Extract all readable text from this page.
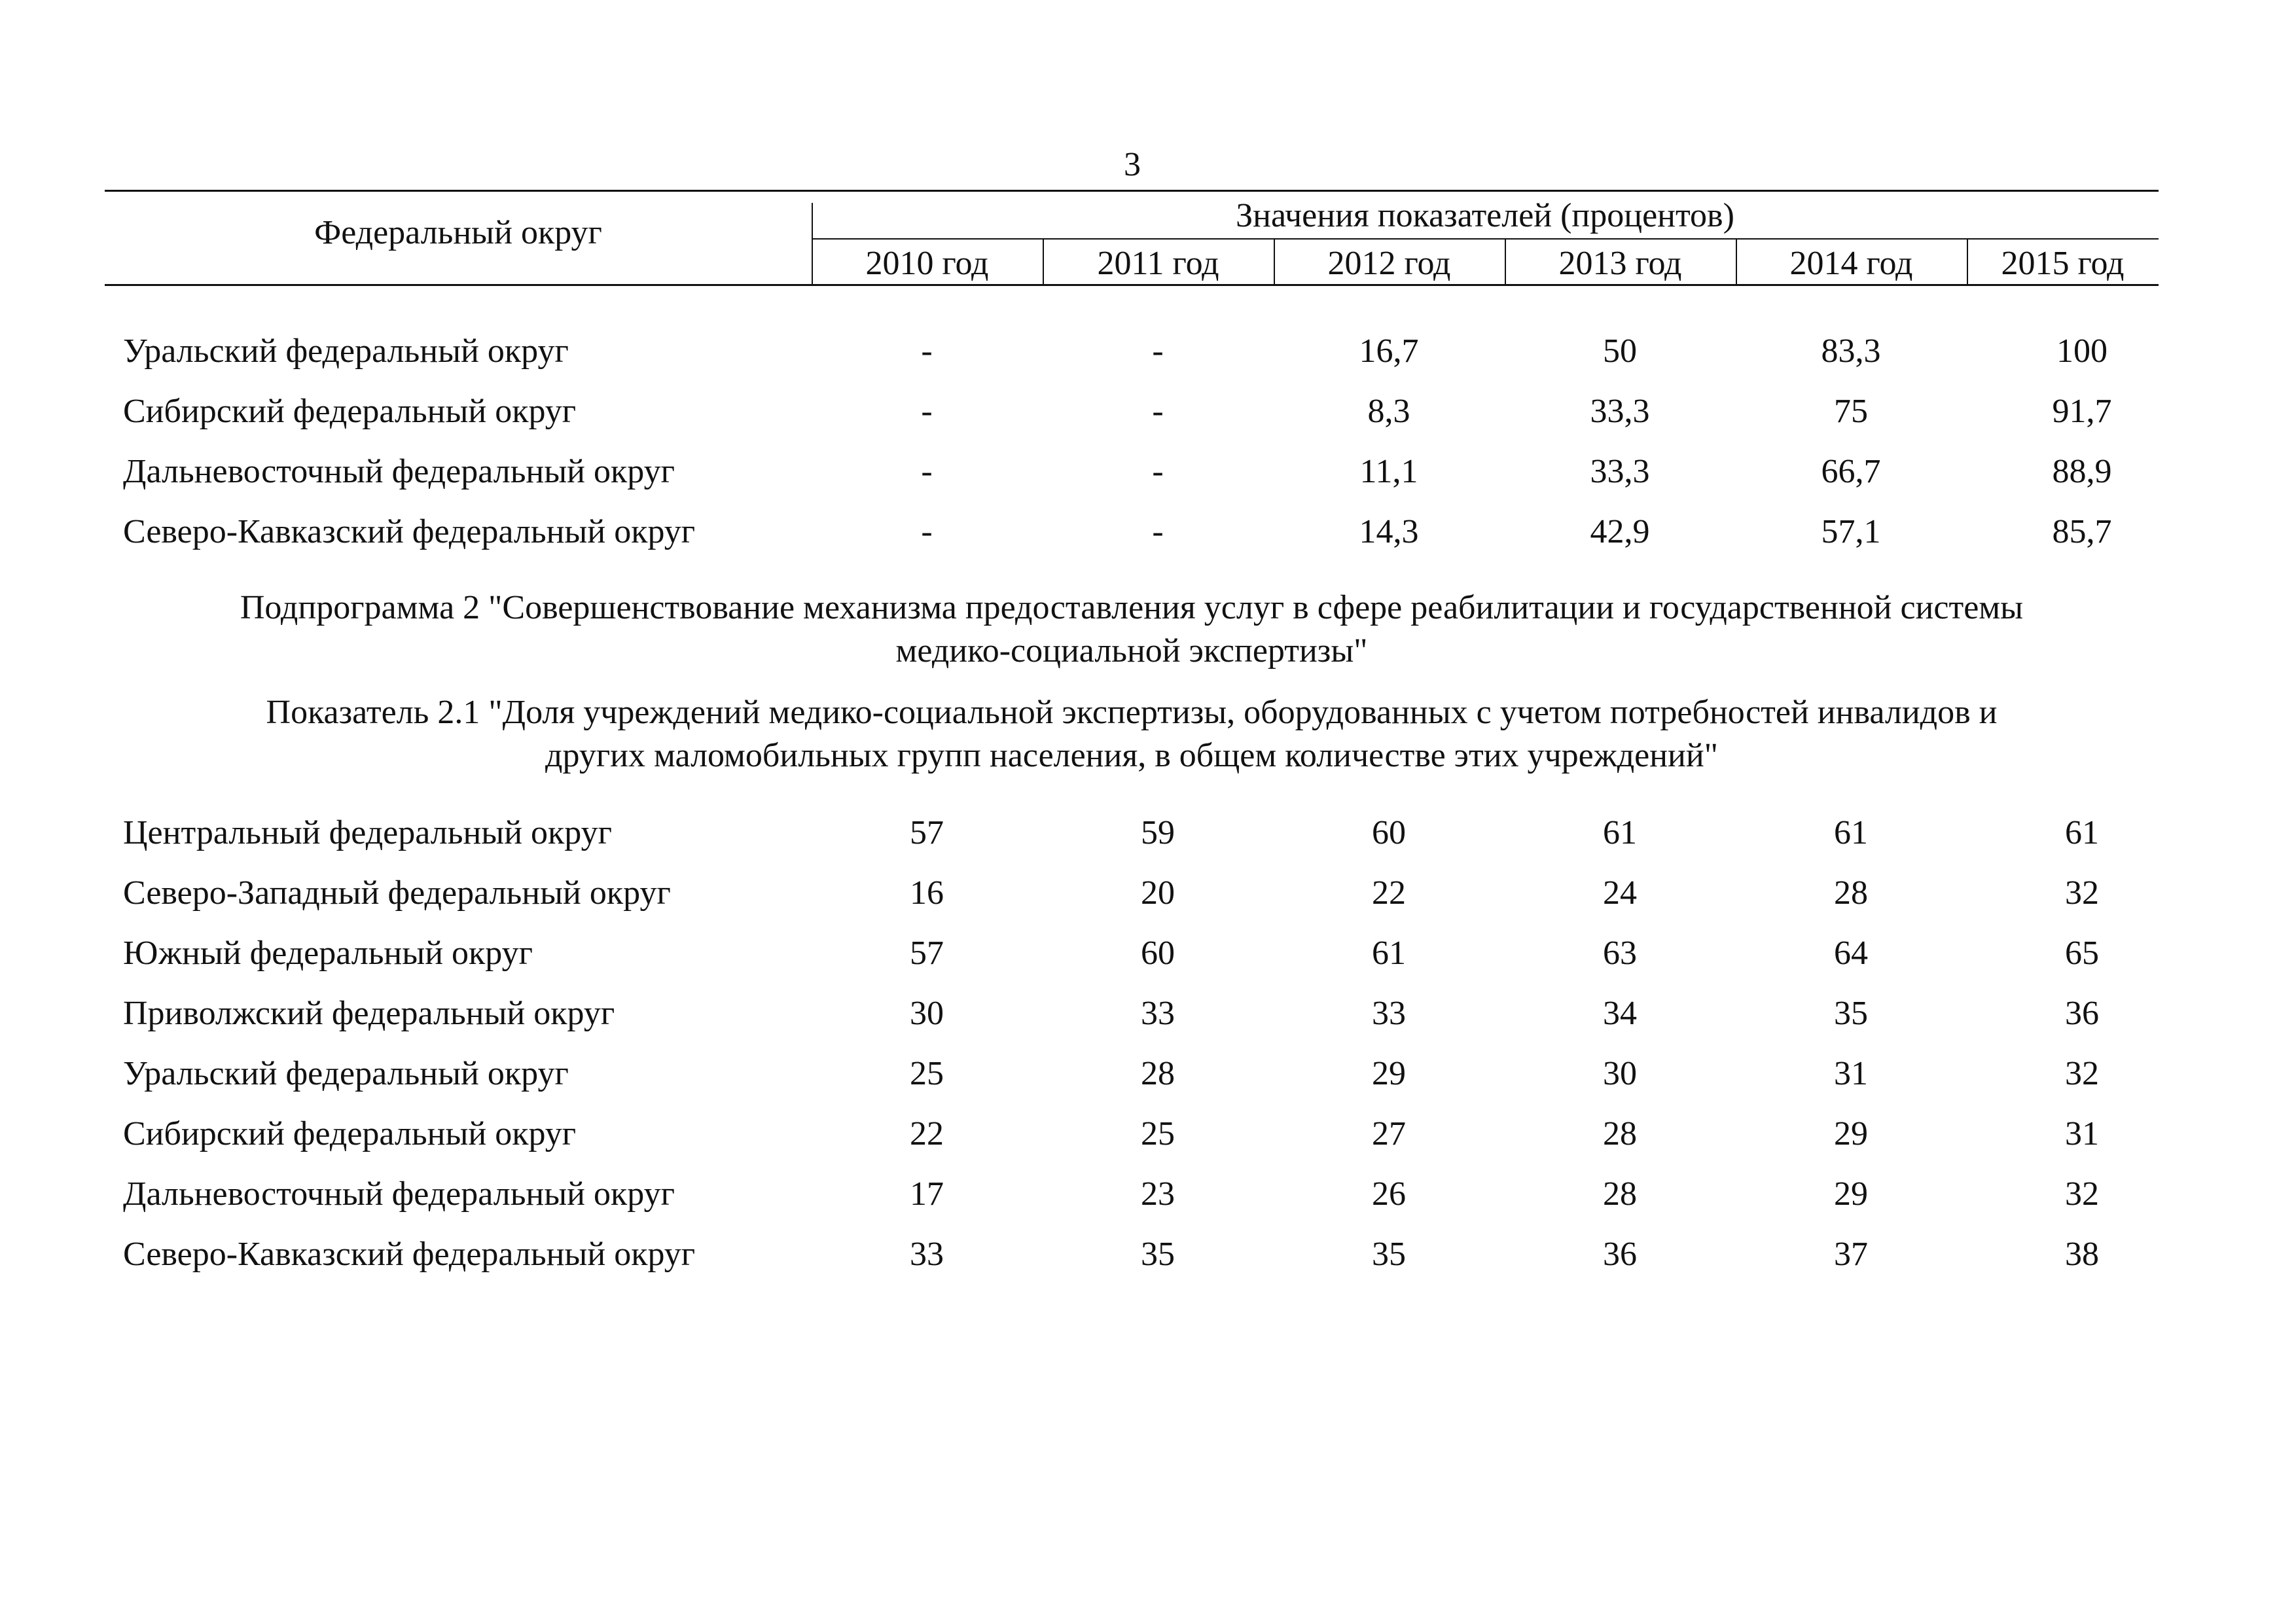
3
Федеральный округ	Значения показателей (процентов)
2010 год	2011 год	2012 год	2013 год	2014 год	2015 год
Уральский федеральный округ	-	-	16,7	50	83,3	100
Сибирский федеральный округ	-	-	8,3	33,3	75	91,7
Дальневосточный федеральный округ	-	-	11,1	33,3	66,7	88,9
Северо-Кавказский федеральный округ	-	-	14,3	42,9	57,1	85,7
Подпрограмма 2 "Совершенствование механизма предоставления услуг в сфере реабилитации и государственной системы
медико-социальной экспертизы"
Показатель 2.1 "Доля учреждений медико-социальной экспертизы, оборудованных с учетом потребностей инвалидов и
других маломобильных групп населения, в общем количестве этих учреждений"
Центральный федеральный округ	57	59	60	61	61	61
Северо-Западный федеральный округ	16	20	22	24	28	32
Южный федеральный округ	57	60	61	63	64	65
Приволжский федеральный округ	30	33	33	34	35	36
Уральский федеральный округ	25	28	29	30	31	32
Сибирский федеральный округ	22	25	27	28	29	31
Дальневосточный федеральный округ	17	23	26	28	29	32
Северо-Кавказский федеральный округ	33	35	35	36	37	38
